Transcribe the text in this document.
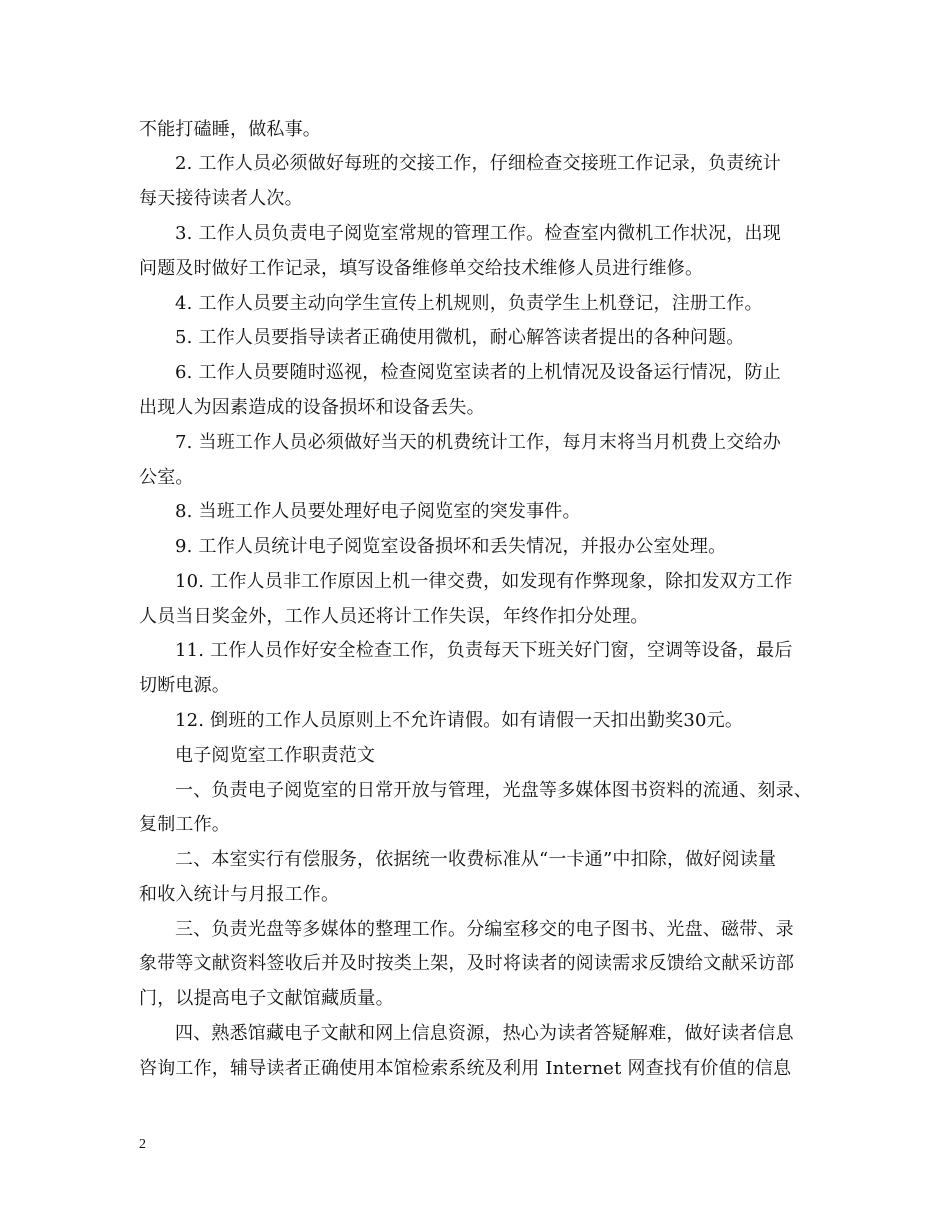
不能打磕睡，做私事。
2. 工作人员必须做好每班的交接工作，仔细检查交接班工作记录，负责统计
每天接待读者人次。
3. 工作人员负责电子阅览室常规的管理工作。检查室内微机工作状况，出现
问题及时做好工作记录，填写设备维修单交给技术维修人员进行维修。
4. 工作人员要主动向学生宣传上机规则，负责学生上机登记，注册工作。
5. 工作人员要指导读者正确使用微机，耐心解答读者提出的各种问题。
6. 工作人员要随时巡视，检查阅览室读者的上机情况及设备运行情况，防止
出现人为因素造成的设备损坏和设备丢失。
7. 当班工作人员必须做好当天的机费统计工作，每月末将当月机费上交给办
公室。
8. 当班工作人员要处理好电子阅览室的突发事件。
9. 工作人员统计电子阅览室设备损坏和丢失情况，并报办公室处理。
10. 工作人员非工作原因上机一律交费，如发现有作弊现象，除扣发双方工作
人员当日奖金外，工作人员还将计工作失误，年终作扣分处理。
11. 工作人员作好安全检查工作，负责每天下班关好门窗，空调等设备，最后
切断电源。
12. 倒班的工作人员原则上不允许请假。如有请假一天扣出勤奖30元。
电子阅览室工作职责范文
一、负责电子阅览室的日常开放与管理，光盘等多媒体图书资料的流通、刻录、
复制工作。
二、本室实行有偿服务，依据统一收费标准从“一卡通”中扣除，做好阅读量
和收入统计与月报工作。
三、负责光盘等多媒体的整理工作。分编室移交的电子图书、光盘、磁带、录
象带等文献资料签收后并及时按类上架，及时将读者的阅读需求反馈给文献采访部
门，以提高电子文献馆藏质量。
四、熟悉馆藏电子文献和网上信息资源，热心为读者答疑解难，做好读者信息
咨询工作，辅导读者正确使用本馆检索系统及利用 Internet 网查找有价值的信息
2
